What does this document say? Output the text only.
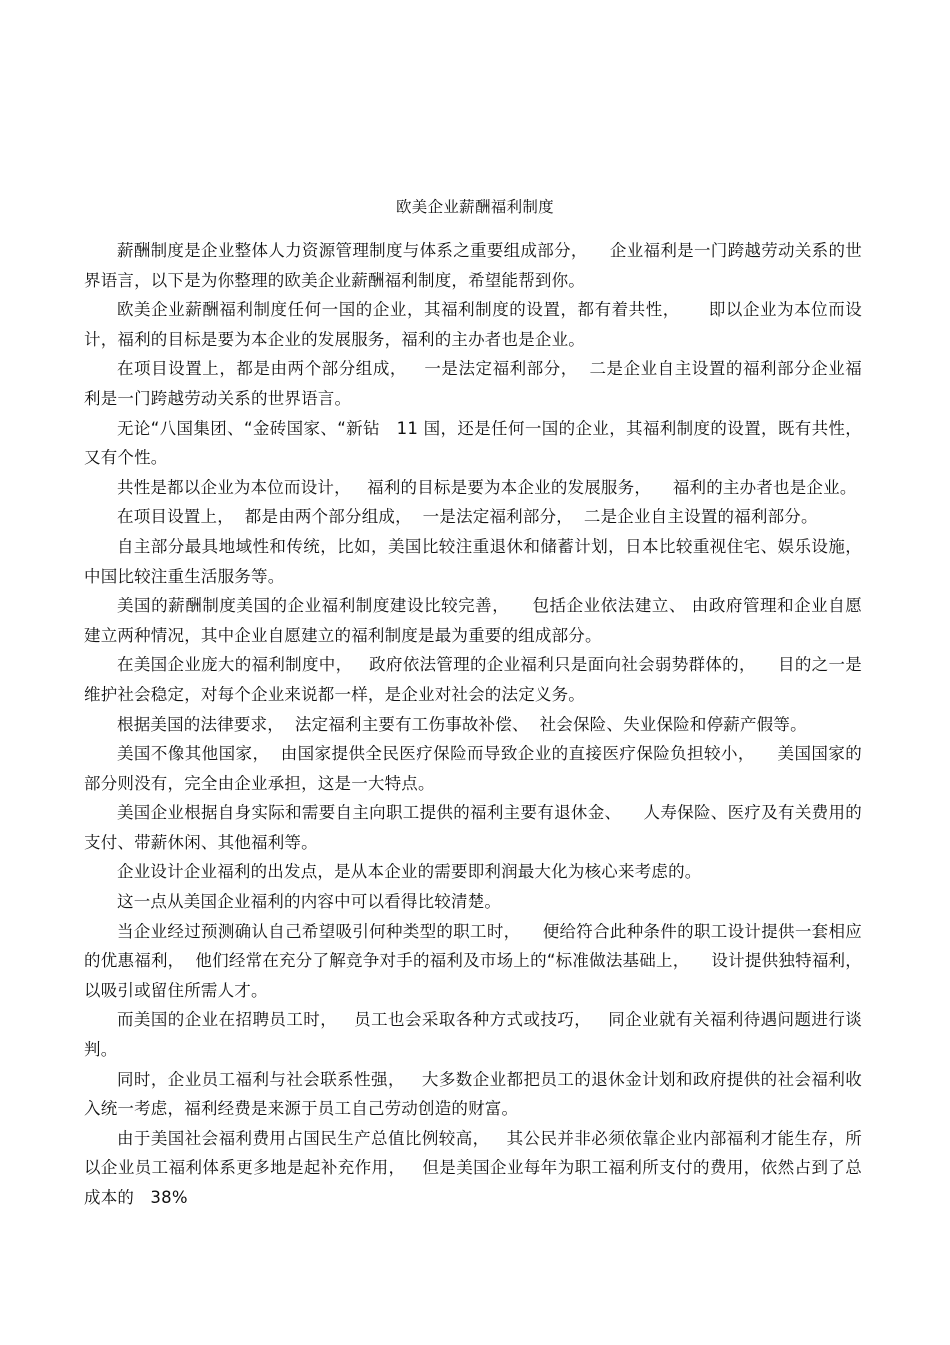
欧美企业薪酬福利制度

薪酬制度是企业整体人力资源管理制度与体系之重要组成部分，    企业福利是一门跨越劳动关系的世界语言，以下是为你整理的欧美企业薪酬福利制度，希望能帮到你。

欧美企业薪酬福利制度任何一国的企业，其福利制度的设置，都有着共性，     即以企业为本位而设计，福利的目标是要为本企业的发展服务，福利的主办者也是企业。

在项目设置上，都是由两个部分组成，   一是法定福利部分，  二是企业自主设置的福利部分企业福利是一门跨越劳动关系的世界语言。

无论“八国集团、“金砖国家、“新钻   11 国，还是任何一国的企业，其福利制度的设置，既有共性，又有个性。

共性是都以企业为本位而设计，   福利的目标是要为本企业的发展服务，    福利的主办者也是企业。

在项目设置上，  都是由两个部分组成，  一是法定福利部分，  二是企业自主设置的福利部分。

自主部分最具地域性和传统，比如，美国比较注重退休和储蓄计划，日本比较重视住宅、娱乐设施，中国比较注重生活服务等。

美国的薪酬制度美国的企业福利制度建设比较完善，    包括企业依法建立、 由政府管理和企业自愿建立两种情况，其中企业自愿建立的福利制度是最为重要的组成部分。

在美国企业庞大的福利制度中，   政府依法管理的企业福利只是面向社会弱势群体的，    目的之一是维护社会稳定，对每个企业来说都一样，是企业对社会的法定义务。

根据美国的法律要求，  法定福利主要有工伤事故补偿、  社会保险、失业保险和停薪产假等。

美国不像其他国家，  由国家提供全民医疗保险而导致企业的直接医疗保险负担较小，    美国国家的部分则没有，完全由企业承担，这是一大特点。

美国企业根据自身实际和需要自主向职工提供的福利主要有退休金、    人寿保险、医疗及有关费用的支付、带薪休闲、其他福利等。

企业设计企业福利的出发点，是从本企业的需要即利润最大化为核心来考虑的。

这一点从美国企业福利的内容中可以看得比较清楚。

当企业经过预测确认自己希望吸引何种类型的职工时，    便给符合此种条件的职工设计提供一套相应的优惠福利，  他们经常在充分了解竞争对手的福利及市场上的“标准做法基础上，    设计提供独特福利，以吸引或留住所需人才。

而美国的企业在招聘员工时，   员工也会采取各种方式或技巧，   同企业就有关福利待遇问题进行谈判。

同时，企业员工福利与社会联系性强，   大多数企业都把员工的退休金计划和政府提供的社会福利收入统一考虑，福利经费是来源于员工自己劳动创造的财富。

由于美国社会福利费用占国民生产总值比例较高，   其公民并非必须依靠企业内部福利才能生存，所以企业员工福利体系更多地是起补充作用，   但是美国企业每年为职工福利所支付的费用，依然占到了总成本的   38%
